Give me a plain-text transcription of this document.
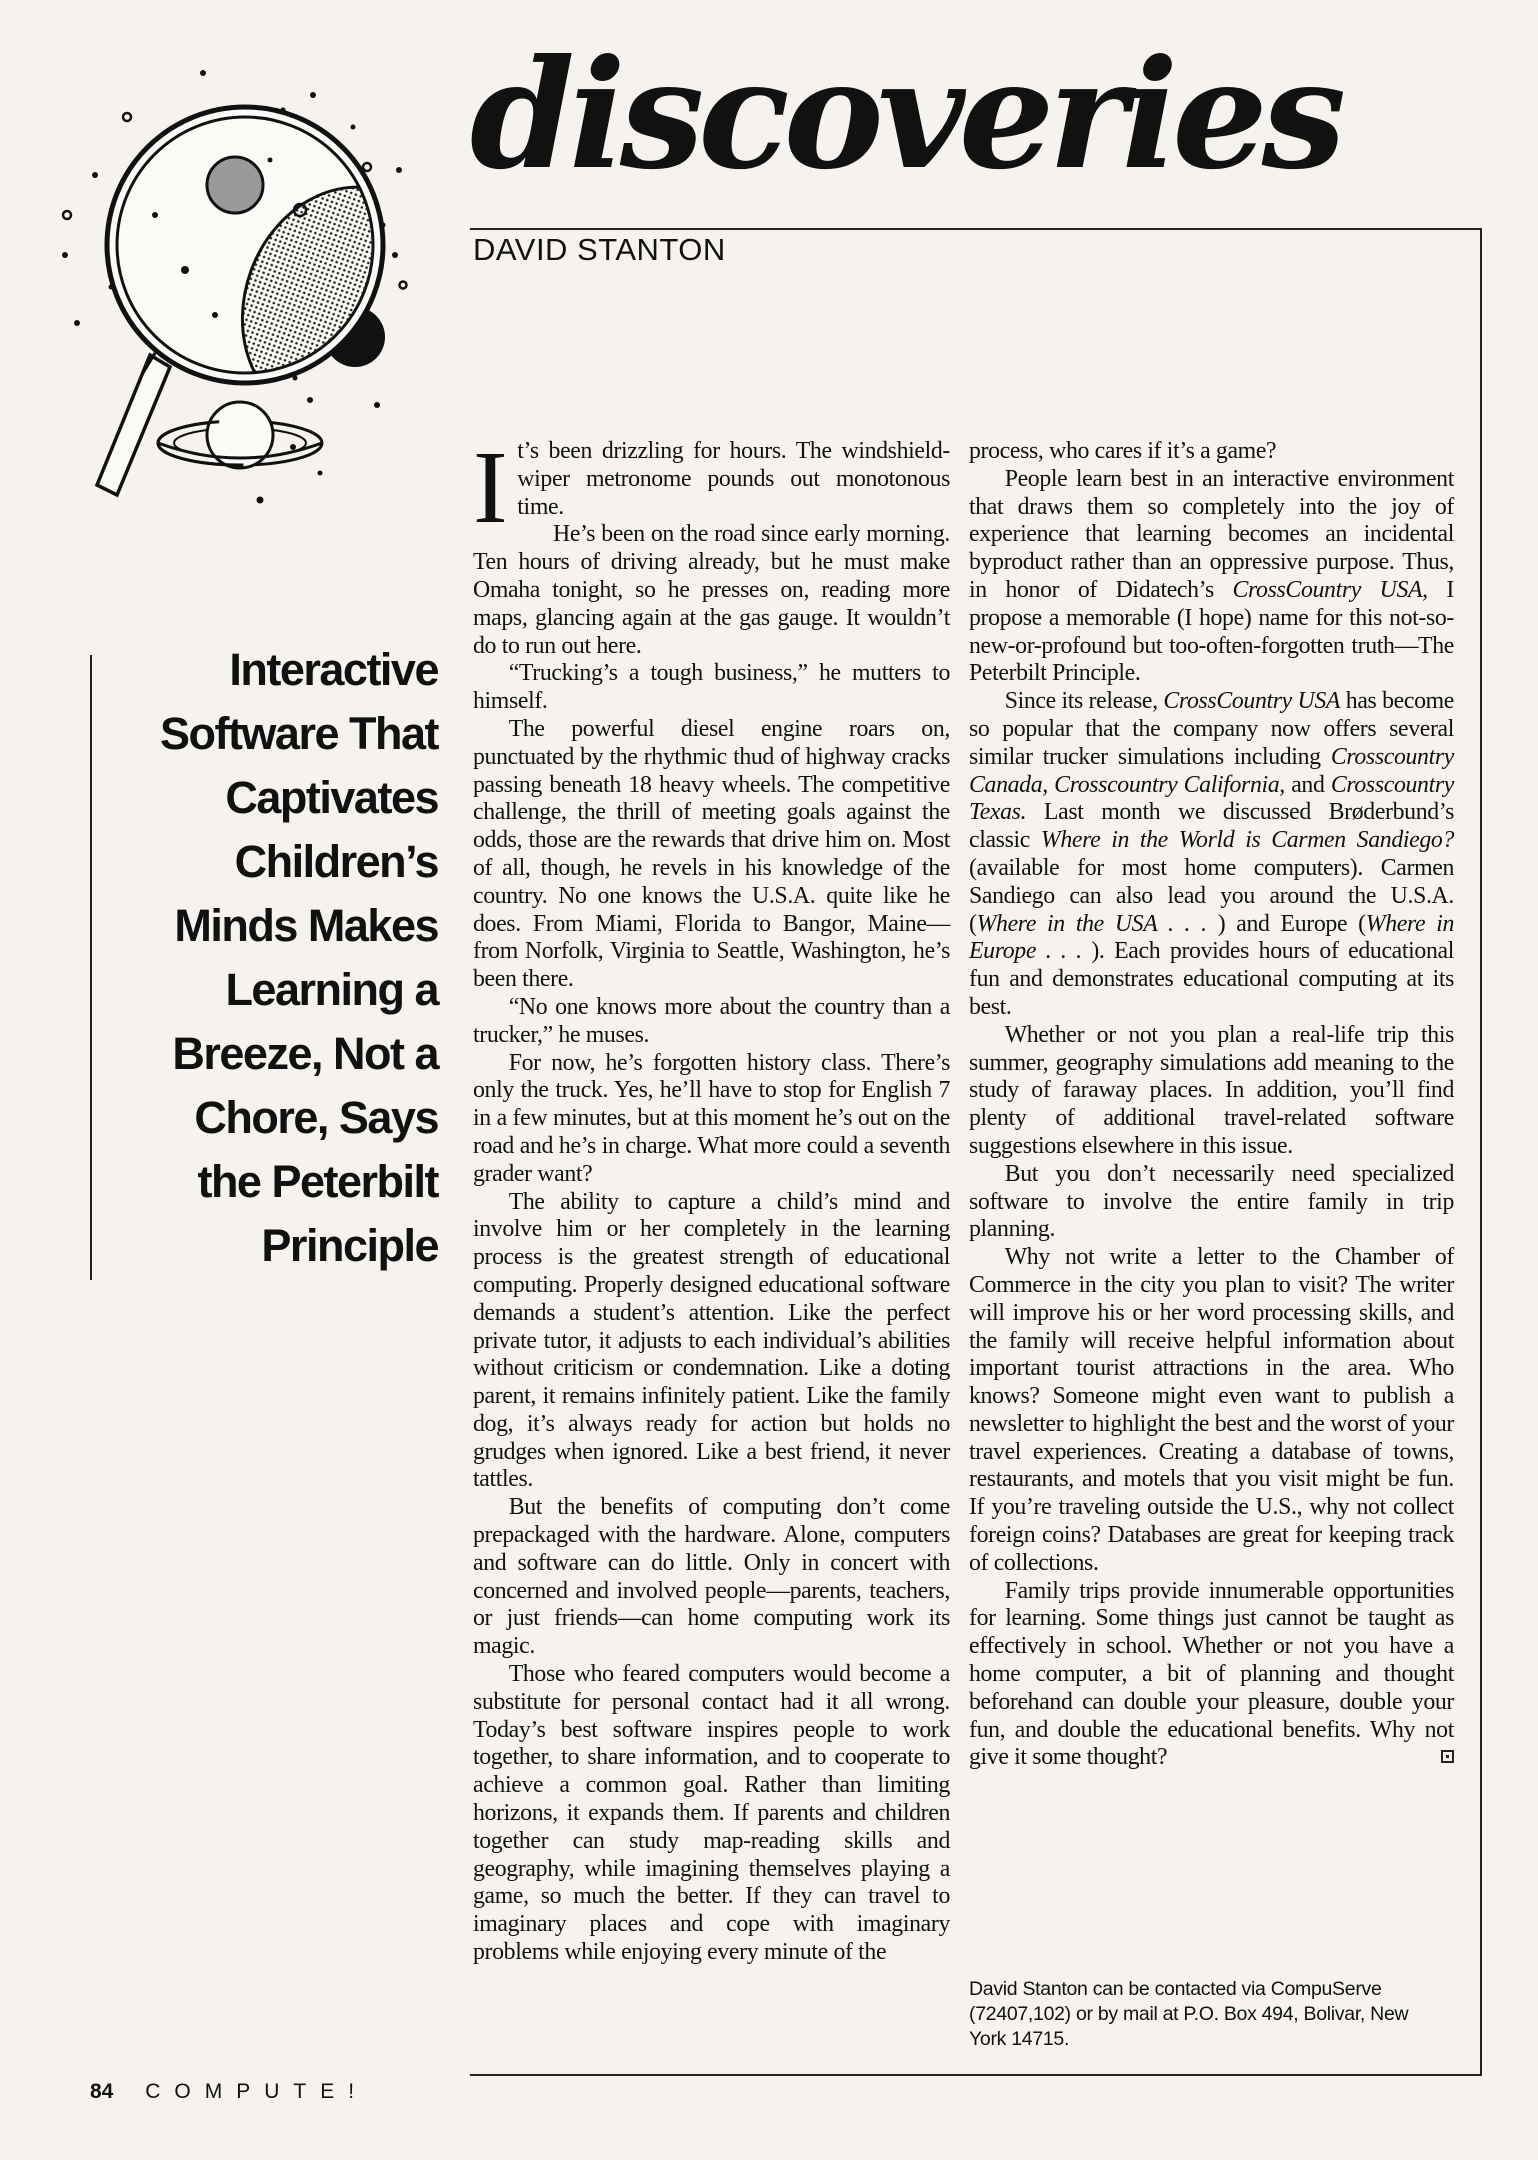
discoveries
DAVID STANTON
Interactive
Software That
Captivates
Children’s
Minds Makes
Learning a
Breeze, Not a
Chore, Says
the Peterbilt
Principle

It’s been drizzling for hours. The windshield-wiper metronome pounds out monotonous time.

He’s been on the road since early morning. Ten hours of driving already, but he must make Omaha tonight, so he presses on, reading more maps, glancing again at the gas gauge. It wouldn’t do to run out here.

“Trucking’s a tough business,” he mutters to himself.

The powerful diesel engine roars on, punctuated by the rhythmic thud of highway cracks passing beneath 18 heavy wheels. The competitive challenge, the thrill of meeting goals against the odds, those are the rewards that drive him on. Most of all, though, he revels in his knowledge of the country. No one knows the U.S.A. quite like he does. From Miami, Florida to Bangor, Maine—from Norfolk, Virginia to Seattle, Washington, he’s been there.

“No one knows more about the country than a trucker,” he muses.

For now, he’s forgotten history class. There’s only the truck. Yes, he’ll have to stop for English 7 in a few minutes, but at this moment he’s out on the road and he’s in charge. What more could a seventh grader want?

The ability to capture a child’s mind and involve him or her completely in the learning process is the greatest strength of educational computing. Properly designed educational software demands a student’s attention. Like the perfect private tutor, it adjusts to each individual’s abilities without criticism or condemnation. Like a doting parent, it remains infinitely patient. Like the family dog, it’s always ready for action but holds no grudges when ignored. Like a best friend, it never tattles.

But the benefits of computing don’t come prepackaged with the hardware. Alone, computers and software can do little. Only in concert with concerned and involved people—parents, teachers, or just friends—can home computing work its magic.

Those who feared computers would become a substitute for personal contact had it all wrong. Today’s best software inspires people to work together, to share information, and to cooperate to achieve a common goal. Rather than limiting horizons, it expands them. If parents and children together can study map-reading skills and geography, while imagining themselves playing a game, so much the better. If they can travel to imaginary places and cope with imaginary problems while enjoying every minute of the

process, who cares if it’s a game?

People learn best in an interactive environment that draws them so completely into the joy of experience that learning becomes an incidental byproduct rather than an oppressive purpose. Thus, in honor of Didatech’s CrossCountry USA, I propose a memorable (I hope) name for this not-so-new-or-profound but too-often-forgotten truth—The Peterbilt Principle.

Since its release, CrossCountry USA has become so popular that the company now offers several similar trucker simulations including Crosscountry Canada, Crosscountry California, and Crosscountry Texas. Last month we discussed Brøderbund’s classic Where in the World is Carmen Sandiego? (available for most home computers). Carmen Sandiego can also lead you around the U.S.A. (Where in the USA . . . ) and Europe (Where in Europe . . . ). Each provides hours of educational fun and demonstrates educational computing at its best.

Whether or not you plan a real-life trip this summer, geography simulations add meaning to the study of faraway places. In addition, you’ll find plenty of additional travel-related software suggestions elsewhere in this issue.

But you don’t necessarily need specialized software to involve the entire family in trip planning.

Why not write a letter to the Chamber of Commerce in the city you plan to visit? The writer will improve his or her word processing skills, and the family will receive helpful information about important tourist attractions in the area. Who knows? Someone might even want to publish a newsletter to highlight the best and the worst of your travel experiences. Creating a database of towns, restaurants, and motels that you visit might be fun. If you’re traveling outside the U.S., why not collect foreign coins? Databases are great for keeping track of collections.

Family trips provide innumerable opportunities for learning. Some things just cannot be taught as effectively in school. Whether or not you have a home computer, a bit of planning and thought beforehand can double your pleasure, double your fun, and double the educational benefits. Why not give it some thought?

David Stanton can be contacted via CompuServe (72407,102) or by mail at P.O. Box 494, Bolivar, New York 14715.
84 COMPUTE!
